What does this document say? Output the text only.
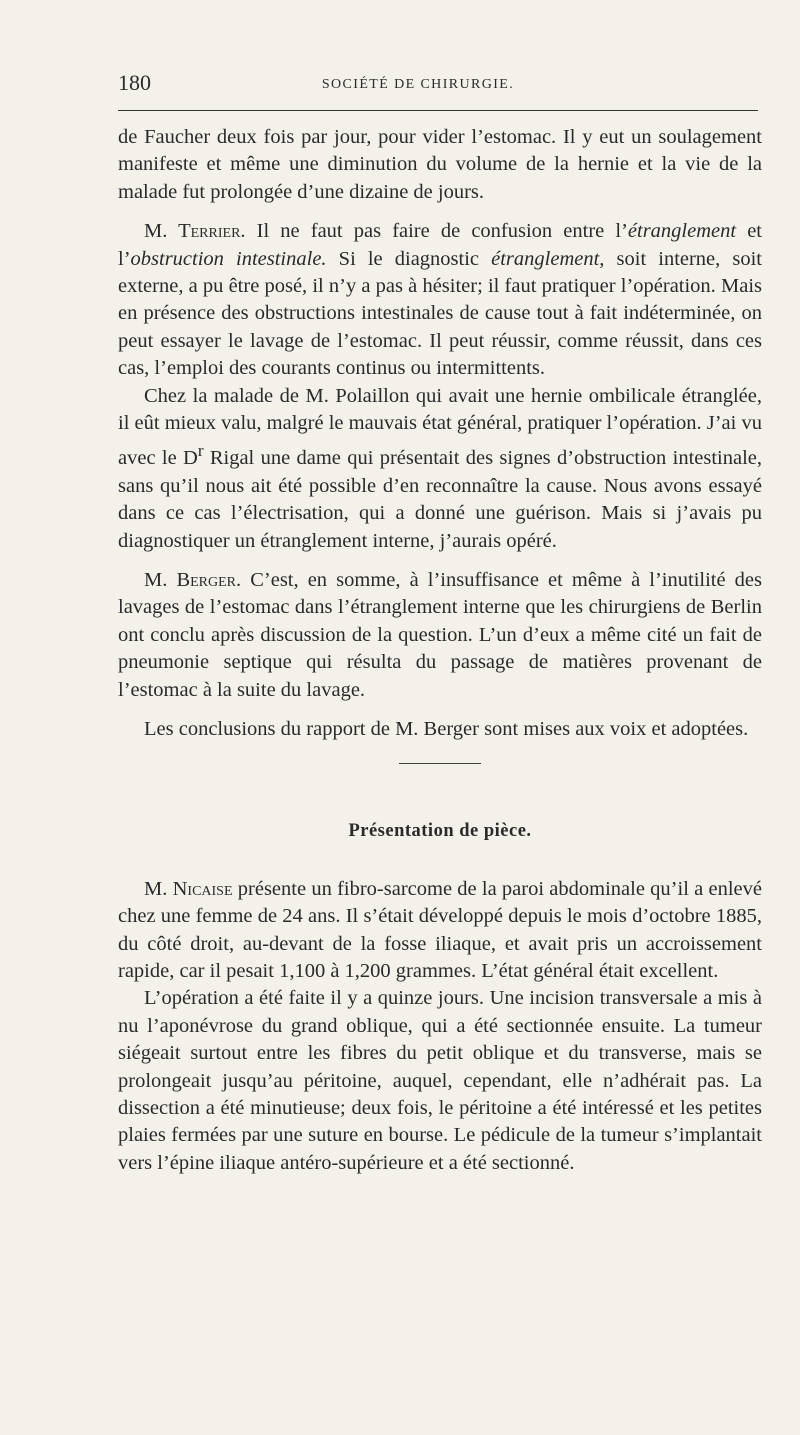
180	SOCIÉTÉ DE CHIRURGIE.

de Faucher deux fois par jour, pour vider l’estomac. Il y eut un soulagement manifeste et même une diminution du volume de la hernie et la vie de la malade fut prolongée d’une dizaine de jours.

M. Terrier. Il ne faut pas faire de confusion entre l’étranglement et l’obstruction intestinale. Si le diagnostic étranglement, soit interne, soit externe, a pu être posé, il n’y a pas à hésiter; il faut pratiquer l’opération. Mais en présence des obstructions intestinales de cause tout à fait indéterminée, on peut essayer le lavage de l’estomac. Il peut réussir, comme réussit, dans ces cas, l’emploi des courants continus ou intermittents.

Chez la malade de M. Polaillon qui avait une hernie ombilicale étranglée, il eût mieux valu, malgré le mauvais état général, pratiquer l’opération. J’ai vu avec le $D^r$ Rigal une dame qui présentait des signes d’obstruction intestinale, sans qu’il nous ait été possible d’en reconnaître la cause. Nous avons essayé dans ce cas l’électrisation, qui a donné une guérison. Mais si j’avais pu diagnostiquer un étranglement interne, j’aurais opéré.

M. Berger. C’est, en somme, à l’insuffisance et même à l’inutilité des lavages de l’estomac dans l’étranglement interne que les chirurgiens de Berlin ont conclu après discussion de la question. L’un d’eux a même cité un fait de pneumonie septique qui résulta du passage de matières provenant de l’estomac à la suite du lavage.

Les conclusions du rapport de M. Berger sont mises aux voix et adoptées.

Présentation de pièce.

M. Nicaise présente un fibro-sarcome de la paroi abdominale qu’il a enlevé chez une femme de 24 ans. Il s’était développé depuis le mois d’octobre 1885, du côté droit, au-devant de la fosse iliaque, et avait pris un accroissement rapide, car il pesait 1,100 à 1,200 grammes. L’état général était excellent.

L’opération a été faite il y a quinze jours. Une incision transversale a mis à nu l’aponévrose du grand oblique, qui a été sectionnée ensuite. La tumeur siégeait surtout entre les fibres du petit oblique et du transverse, mais se prolongeait jusqu’au péritoine, auquel, cependant, elle n’adhérait pas. La dissection a été minutieuse; deux fois, le péritoine a été intéressé et les petites plaies fermées par une suture en bourse. Le pédicule de la tumeur s’implantait vers l’épine iliaque antéro-supérieure et a été sectionné.
